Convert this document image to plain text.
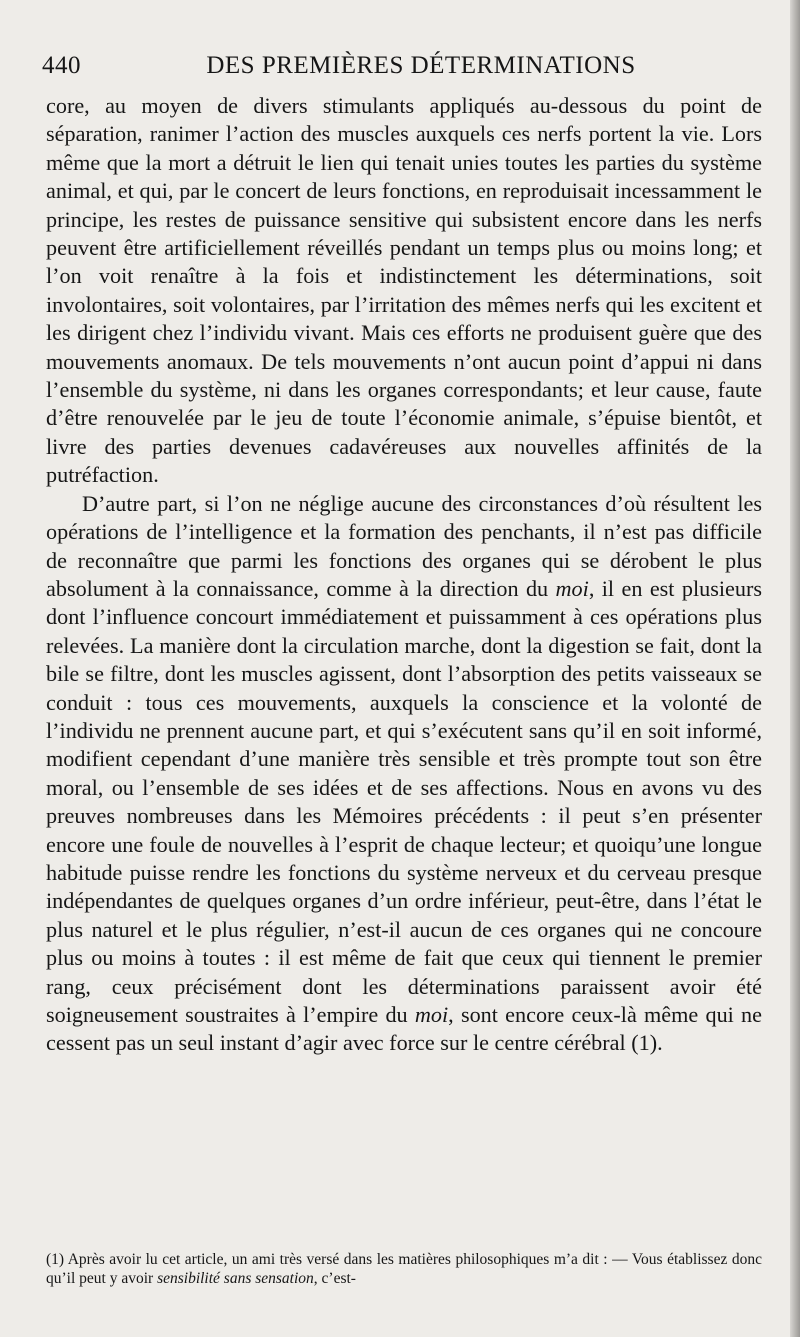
440	DES PREMIÈRES DÉTERMINATIONS

core, au moyen de divers stimulants appliqués au-dessous du point de séparation, ranimer l’action des muscles auxquels ces nerfs portent la vie. Lors même que la mort a détruit le lien qui tenait unies toutes les parties du système animal, et qui, par le concert de leurs fonctions, en reproduisait incessamment le principe, les restes de puissance sensitive qui subsistent encore dans les nerfs peuvent être artificiellement réveillés pendant un temps plus ou moins long; et l’on voit renaître à la fois et indistinctement les déterminations, soit involontaires, soit volontaires, par l’irritation des mêmes nerfs qui les excitent et les dirigent chez l’individu vivant. Mais ces efforts ne produisent guère que des mouvements anomaux. De tels mouvements n’ont aucun point d’appui ni dans l’ensemble du système, ni dans les organes correspondants; et leur cause, faute d’être renouvelée par le jeu de toute l’économie animale, s’épuise bientôt, et livre des parties devenues cadavéreuses aux nouvelles affinités de la putréfaction.

D’autre part, si l’on ne néglige aucune des circonstances d’où résultent les opérations de l’intelligence et la formation des penchants, il n’est pas difficile de reconnaître que parmi les fonctions des organes qui se dérobent le plus absolument à la connaissance, comme à la direction du moi, il en est plusieurs dont l’influence concourt immédiatement et puissamment à ces opérations plus relevées. La manière dont la circulation marche, dont la digestion se fait, dont la bile se filtre, dont les muscles agissent, dont l’absorption des petits vaisseaux se conduit : tous ces mouvements, auxquels la conscience et la volonté de l’individu ne prennent aucune part, et qui s’exécutent sans qu’il en soit informé, modifient cependant d’une manière très sensible et très prompte tout son être moral, ou l’ensemble de ses idées et de ses affections. Nous en avons vu des preuves nombreuses dans les Mémoires précédents : il peut s’en présenter encore une foule de nouvelles à l’esprit de chaque lecteur; et quoiqu’une longue habitude puisse rendre les fonctions du système nerveux et du cerveau presque indépendantes de quelques organes d’un ordre inférieur, peut-être, dans l’état le plus naturel et le plus régulier, n’est-il aucun de ces organes qui ne concoure plus ou moins à toutes : il est même de fait que ceux qui tiennent le premier rang, ceux précisément dont les déterminations paraissent avoir été soigneusement soustraites à l’empire du moi, sont encore ceux-là même qui ne cessent pas un seul instant d’agir avec force sur le centre cérébral (1).

(1) Après avoir lu cet article, un ami très versé dans les matières philosophiques m’a dit : — Vous établissez donc qu’il peut y avoir sensibilité sans sensation, c’est-
